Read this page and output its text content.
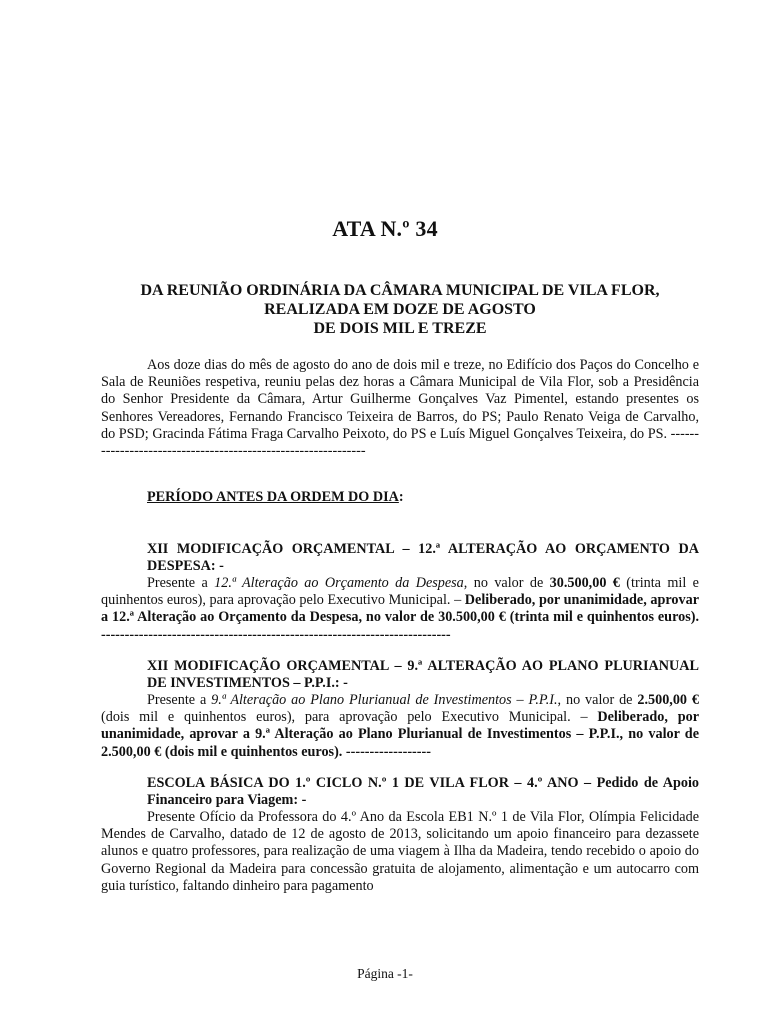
ATA N.º 34
DA REUNIÃO ORDINÁRIA DA CÂMARA MUNICIPAL DE VILA FLOR,
REALIZADA EM DOZE DE AGOSTO
DE DOIS MIL E TREZE
Aos doze dias do mês de agosto do ano de dois mil e treze, no Edifício dos Paços do Concelho e Sala de Reuniões respetiva, reuniu pelas dez horas a Câmara Municipal de Vila Flor, sob a Presidência do Senhor Presidente da Câmara, Artur Guilherme Gonçalves Vaz Pimentel, estando presentes os Senhores Vereadores, Fernando Francisco Teixeira de Barros, do PS; Paulo Renato Veiga de Carvalho, do PSD; Gracinda Fátima Fraga Carvalho Peixoto, do PS e Luís Miguel Gonçalves Teixeira, do PS. --------------------------------------------------------------
PERÍODO ANTES DA ORDEM DO DIA:
XII MODIFICAÇÃO ORÇAMENTAL – 12.ª ALTERAÇÃO AO ORÇAMENTO DA DESPESA: -
Presente a 12.ª Alteração ao Orçamento da Despesa, no valor de 30.500,00 € (trinta mil e quinhentos euros), para aprovação pelo Executivo Municipal. – Deliberado, por unanimidade, aprovar a 12.ª Alteração ao Orçamento da Despesa, no valor de 30.500,00 € (trinta mil e quinhentos euros). --------------------------------------------------------------------------
XII MODIFICAÇÃO ORÇAMENTAL – 9.ª ALTERAÇÃO AO PLANO PLURIANUAL DE INVESTIMENTOS – P.P.I.: -
Presente a 9.ª Alteração ao Plano Plurianual de Investimentos – P.P.I., no valor de 2.500,00 € (dois mil e quinhentos euros), para aprovação pelo Executivo Municipal. – Deliberado, por unanimidade, aprovar a 9.ª Alteração ao Plano Plurianual de Investimentos – P.P.I., no valor de 2.500,00 € (dois mil e quinhentos euros). ------------------
ESCOLA BÁSICA DO 1.º CICLO N.º 1 DE VILA FLOR – 4.º ANO – Pedido de Apoio Financeiro para Viagem: -
Presente Ofício da Professora do 4.º Ano da Escola EB1 N.º 1 de Vila Flor, Olímpia Felicidade Mendes de Carvalho, datado de 12 de agosto de 2013, solicitando um apoio financeiro para dezassete alunos e quatro professores, para realização de uma viagem à Ilha da Madeira, tendo recebido o apoio do Governo Regional da Madeira para concessão gratuita de alojamento, alimentação e um autocarro com guia turístico, faltando dinheiro para pagamento
Página -1-
